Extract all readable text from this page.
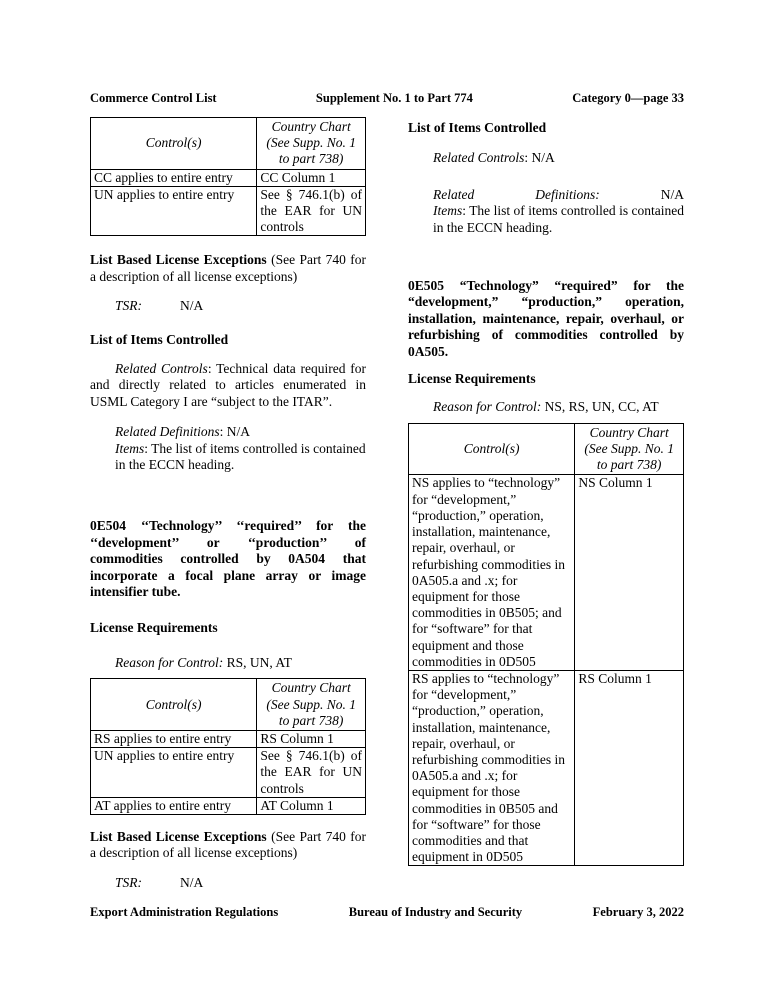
Commerce Control List	Supplement No. 1 to Part 774	Category 0—page 33
Control(s)	Country Chart (See Supp. No. 1 to part 738)
CC applies to entire entry	CC Column 1
UN applies to entire entry	See § 746.1(b) of the EAR for UN controls

List Based License Exceptions (See Part 740 for a description of all license exceptions)

TSR:	N/A

List of Items Controlled

Related Controls: Technical data required for and directly related to articles enumerated in USML Category I are “subject to the ITAR”.

Related Definitions: N/A
Items: The list of items controlled is contained in the ECCN heading.

0E504 ‘‘Technology’’ ‘‘required’’ for the ‘‘development’’ or ‘‘production’’ of commodities controlled by 0A504 that incorporate a focal plane array or image intensifier tube.

License Requirements

Reason for Control: RS, UN, AT

Control(s)	Country Chart (See Supp. No. 1 to part 738)
RS applies to entire entry	RS Column 1
UN applies to entire entry	See § 746.1(b) of the EAR for UN controls
AT applies to entire entry	AT Column 1

List Based License Exceptions (See Part 740 for a description of all license exceptions)

TSR:	N/A

List of Items Controlled

Related Controls: N/A

Related	Definitions:	N/A
Items: The list of items controlled is contained in the ECCN heading.

0E505 “Technology” “required” for the “development,” “production,” operation, installation, maintenance, repair, overhaul, or refurbishing of commodities controlled by 0A505.

License Requirements

Reason for Control: NS, RS, UN, CC, AT

Control(s)	Country Chart (See Supp. No. 1 to part 738)
NS applies to “technology” for “development,” “production,” operation, installation, maintenance, repair, overhaul, or refurbishing commodities in 0A505.a and .x; for equipment for those commodities in 0B505; and for “software” for that equipment and those commodities in 0D505	NS Column 1
RS applies to “technology” for “development,” “production,” operation, installation, maintenance, repair, overhaul, or refurbishing commodities in 0A505.a and .x; for equipment for those commodities in 0B505 and for “software” for those commodities and that equipment in 0D505	RS Column 1
Export Administration Regulations	Bureau of Industry and Security	February 3, 2022
